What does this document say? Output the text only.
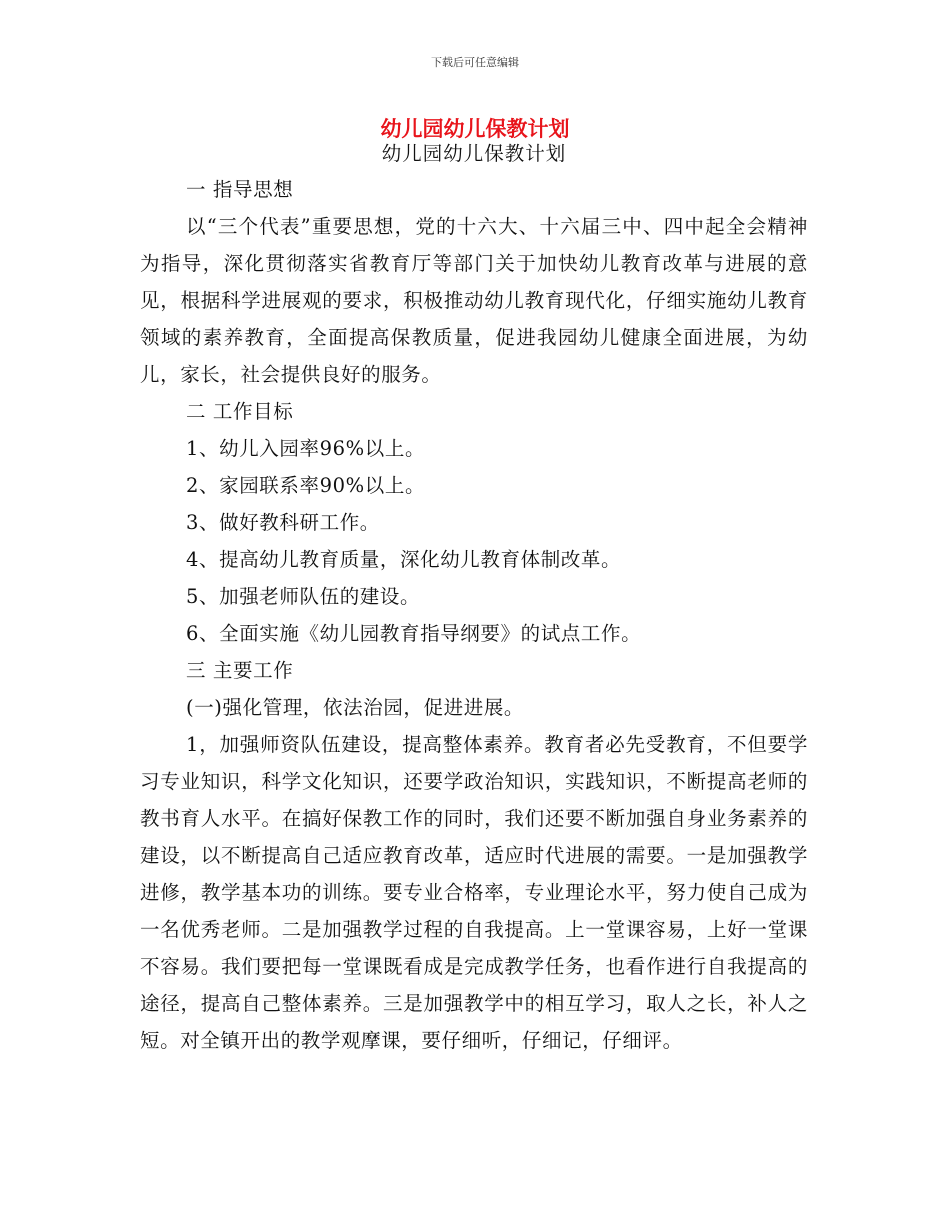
下载后可任意编辑
幼儿园幼儿保教计划
幼儿园幼儿保教计划
一 指导思想
以“三个代表”重要思想，党的十六大、十六届三中、四中起全会精神为指导，深化贯彻落实省教育厅等部门关于加快幼儿教育改革与进展的意见，根据科学进展观的要求，积极推动幼儿教育现代化，仔细实施幼儿教育领域的素养教育，全面提高保教质量，促进我园幼儿健康全面进展，为幼儿，家长，社会提供良好的服务。
二 工作目标
1、幼儿入园率96%以上。
2、家园联系率90%以上。
3、做好教科研工作。
4、提高幼儿教育质量，深化幼儿教育体制改革。
5、加强老师队伍的建设。
6、全面实施《幼儿园教育指导纲要》的试点工作。
三 主要工作
(一)强化管理，依法治园，促进进展。
1，加强师资队伍建设，提高整体素养。教育者必先受教育，不但要学习专业知识，科学文化知识，还要学政治知识，实践知识，不断提高老师的教书育人水平。在搞好保教工作的同时，我们还要不断加强自身业务素养的建设，以不断提高自己适应教育改革，适应时代进展的需要。一是加强教学进修，教学基本功的训练。要专业合格率，专业理论水平，努力使自己成为一名优秀老师。二是加强教学过程的自我提高。上一堂课容易，上好一堂课不容易。我们要把每一堂课既看成是完成教学任务，也看作进行自我提高的途径，提高自己整体素养。三是加强教学中的相互学习，取人之长，补人之短。对全镇开出的教学观摩课，要仔细听，仔细记，仔细评。
